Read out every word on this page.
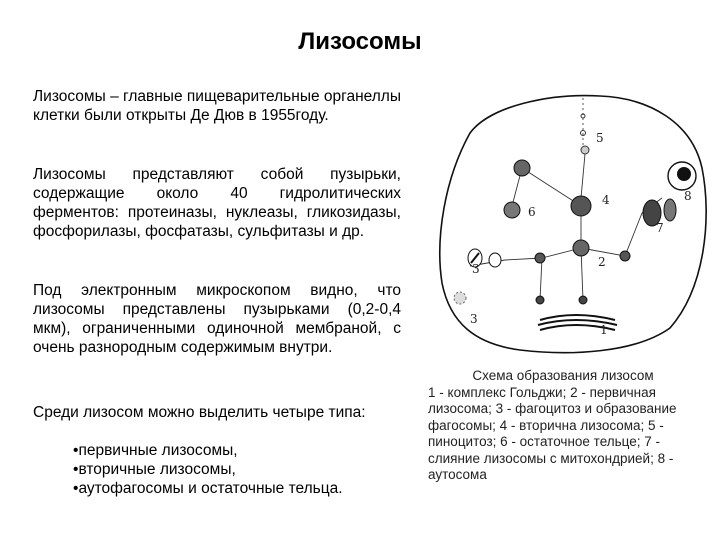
Лизосомы

Лизосомы – главные пищеварительные органеллы клетки были открыты Де Дюв в 1955году.

Лизосомы представляют собой пузырьки, содержащие около 40 гидролитических ферментов: протеиназы, нуклеазы, гликозидазы, фосфорилазы, фосфатазы, сульфитазы и др.

Под электронным микроскопом видно, что лизосомы представлены пузырьками (0,2-0,4 мкм), ограниченными одиночной мембраной, с очень разнородным содержимым внутри.

Среди лизосом можно выделить четыре типа:

• первичные лизосомы,
• вторичные лизосомы,
• аутофагосомы и остаточные тельца.
1
2
3
3
4
5
6
7
8
Схема образования лизосом
1 - комплекс Гольджи; 2 - первичная лизосома; 3 - фагоцитоз и образование фагосомы; 4 - вторична лизосома; 5 - пиноцитоз; 6 - остаточное тельце; 7 - слияние лизосомы с митохондрией; 8 - аутосома
